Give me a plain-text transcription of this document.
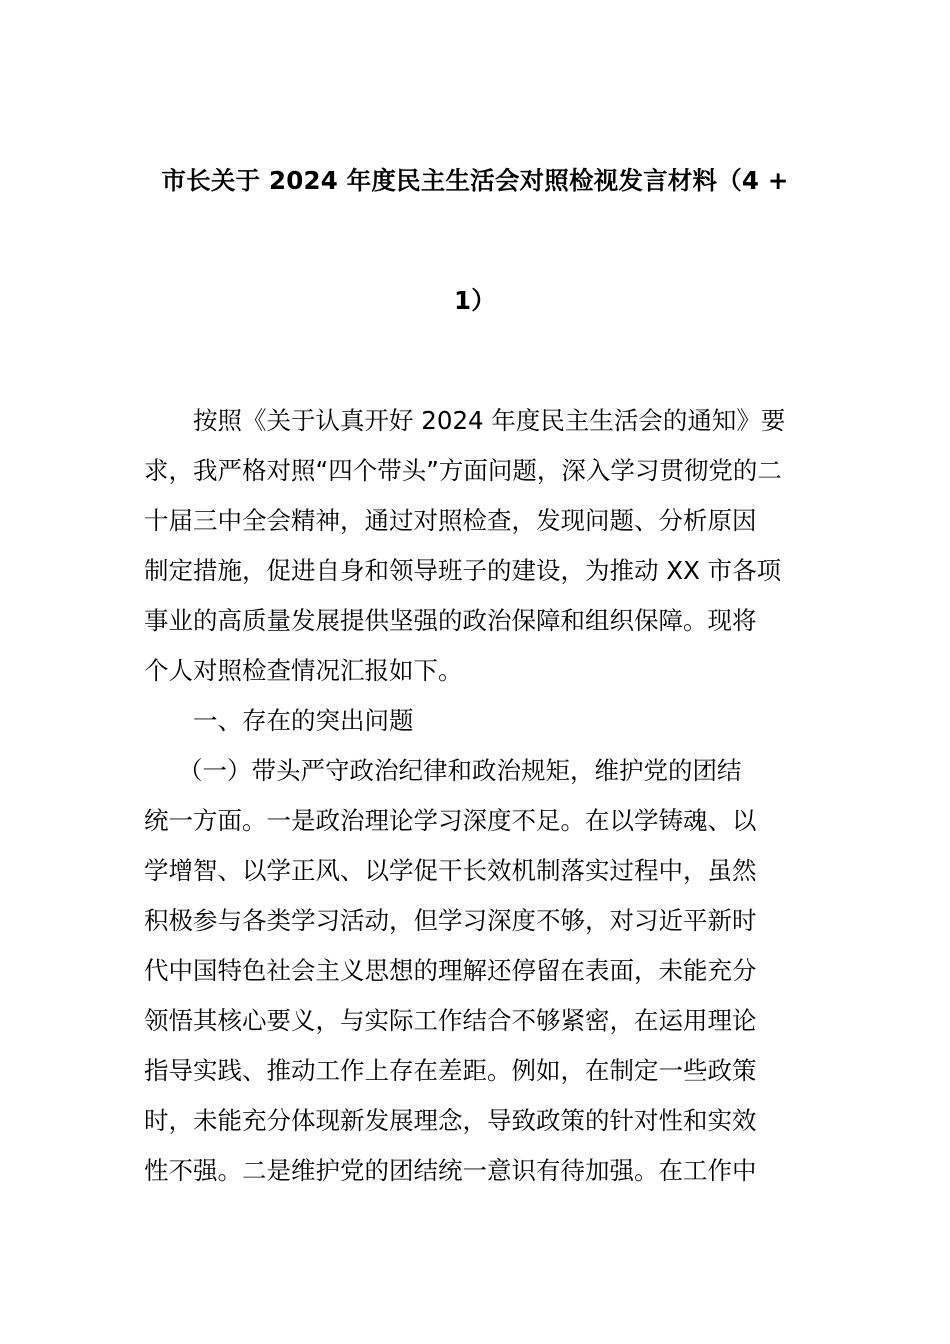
市长关于 2024 年度民主生活会对照检视发言材料（4 +
1）
按照《关于认真开好 2024 年度民主生活会的通知》要
求，我严格对照“四个带头”方面问题，深入学习贯彻党的二
十届三中全会精神，通过对照检查，发现问题、分析原因
制定措施，促进自身和领导班子的建设，为推动 XX 市各项
事业的高质量发展提供坚强的政治保障和组织保障。现将
个人对照检查情况汇报如下。
一、存在的突出问题
（一）带头严守政治纪律和政治规矩，维护党的团结
统一方面。一是政治理论学习深度不足。在以学铸魂、以
学增智、以学正风、以学促干长效机制落实过程中，虽然
积极参与各类学习活动，但学习深度不够，对习近平新时
代中国特色社会主义思想的理解还停留在表面，未能充分
领悟其核心要义，与实际工作结合不够紧密，在运用理论
指导实践、推动工作上存在差距。例如，在制定一些政策
时，未能充分体现新发展理念，导致政策的针对性和实效
性不强。二是维护党的团结统一意识有待加强。在工作中
